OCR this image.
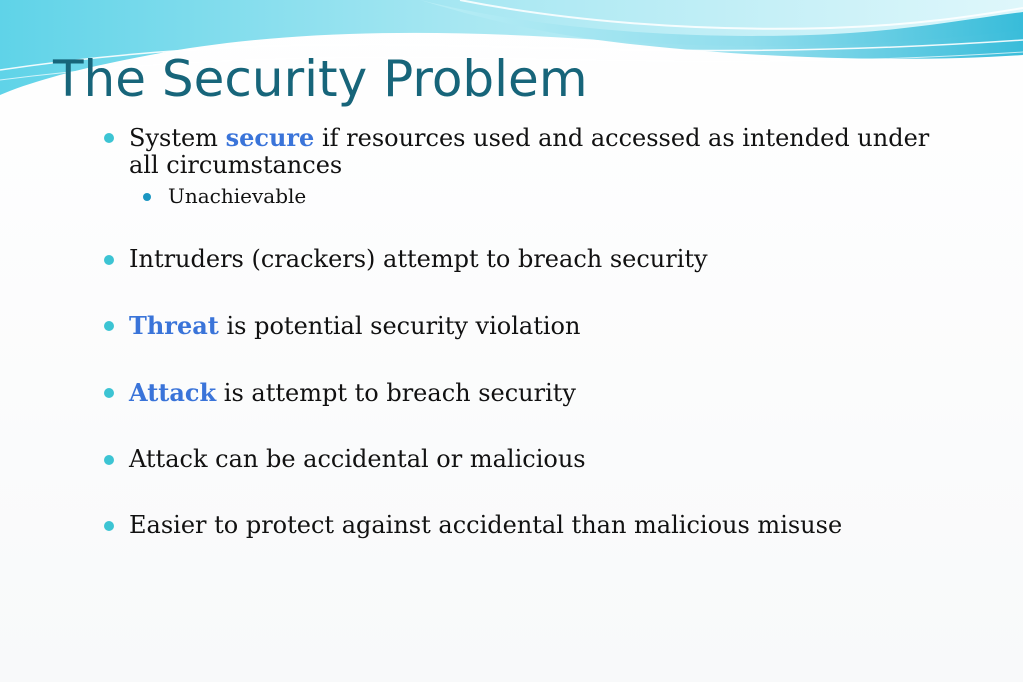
The Security Problem
System secure if resources used and accessed as intended under all circumstances
Unachievable
Intruders (crackers) attempt to breach security
Threat is potential security violation
Attack is attempt to breach security
Attack can be accidental or malicious
Easier to protect against accidental than malicious misuse
